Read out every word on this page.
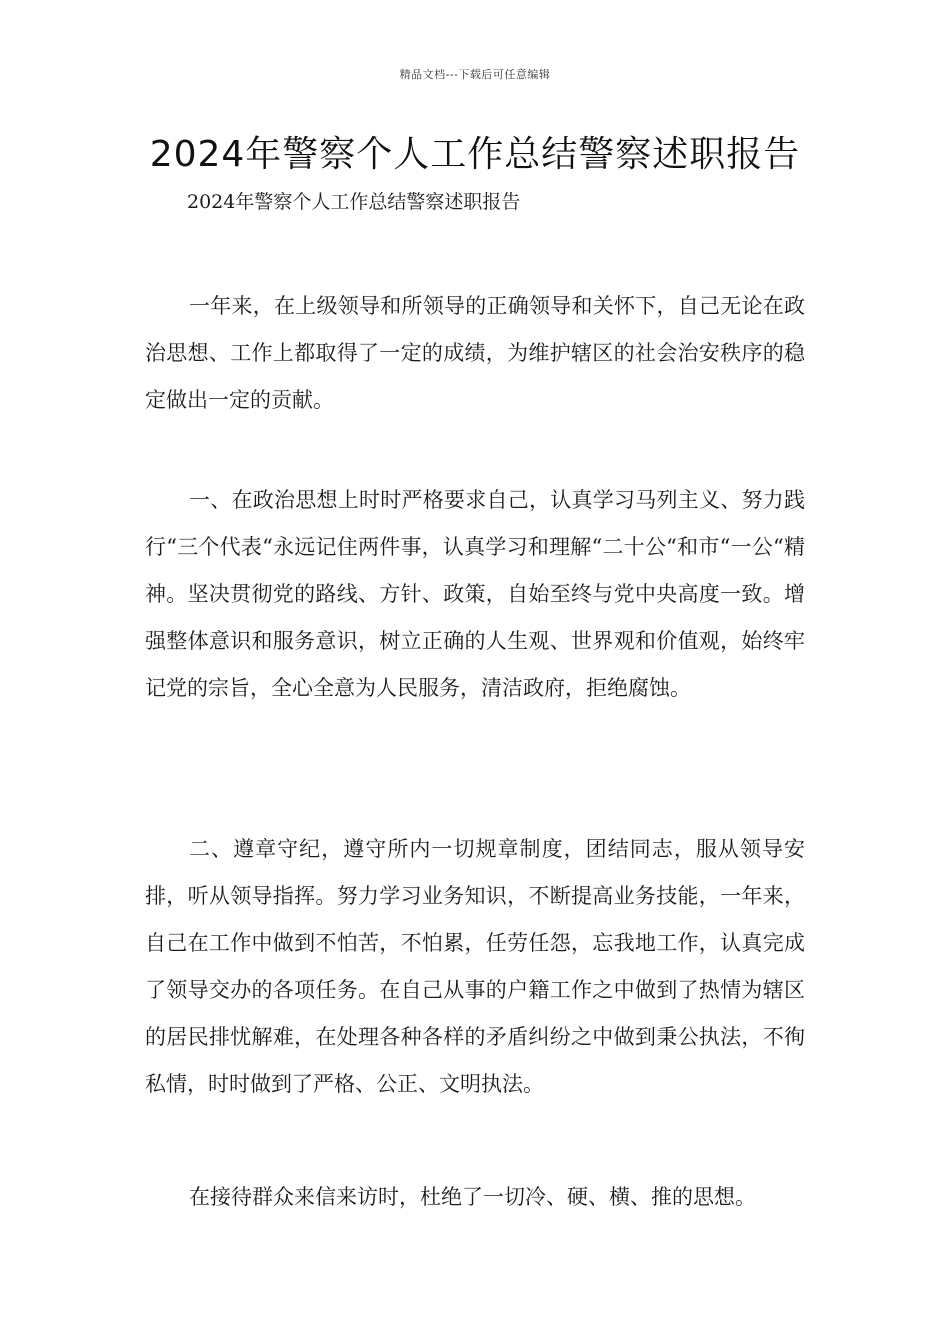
精品文档---下载后可任意编辑
2024年警察个人工作总结警察述职报告
2024年警察个人工作总结警察述职报告

一年来，在上级领导和所领导的正确领导和关怀下，自己无论在政治思想、工作上都取得了一定的成绩，为维护辖区的社会治安秩序的稳定做出一定的贡献。

一、在政治思想上时时严格要求自己，认真学习马列主义、努力践行“三个代表“永远记住两件事，认真学习和理解“二十公“和市“一公“精神。坚决贯彻党的路线、方针、政策，自始至终与党中央高度一致。增强整体意识和服务意识，树立正确的人生观、世界观和价值观，始终牢记党的宗旨，全心全意为人民服务，清洁政府，拒绝腐蚀。

二、遵章守纪，遵守所内一切规章制度，团结同志，服从领导安排，听从领导指挥。努力学习业务知识，不断提高业务技能，一年来，自己在工作中做到不怕苦，不怕累，任劳任怨，忘我地工作，认真完成了领导交办的各项任务。在自己从事的户籍工作之中做到了热情为辖区的居民排忧解难，在处理各种各样的矛盾纠纷之中做到秉公执法，不徇私情，时时做到了严格、公正、文明执法。

在接待群众来信来访时，杜绝了一切冷、硬、横、推的思想。
